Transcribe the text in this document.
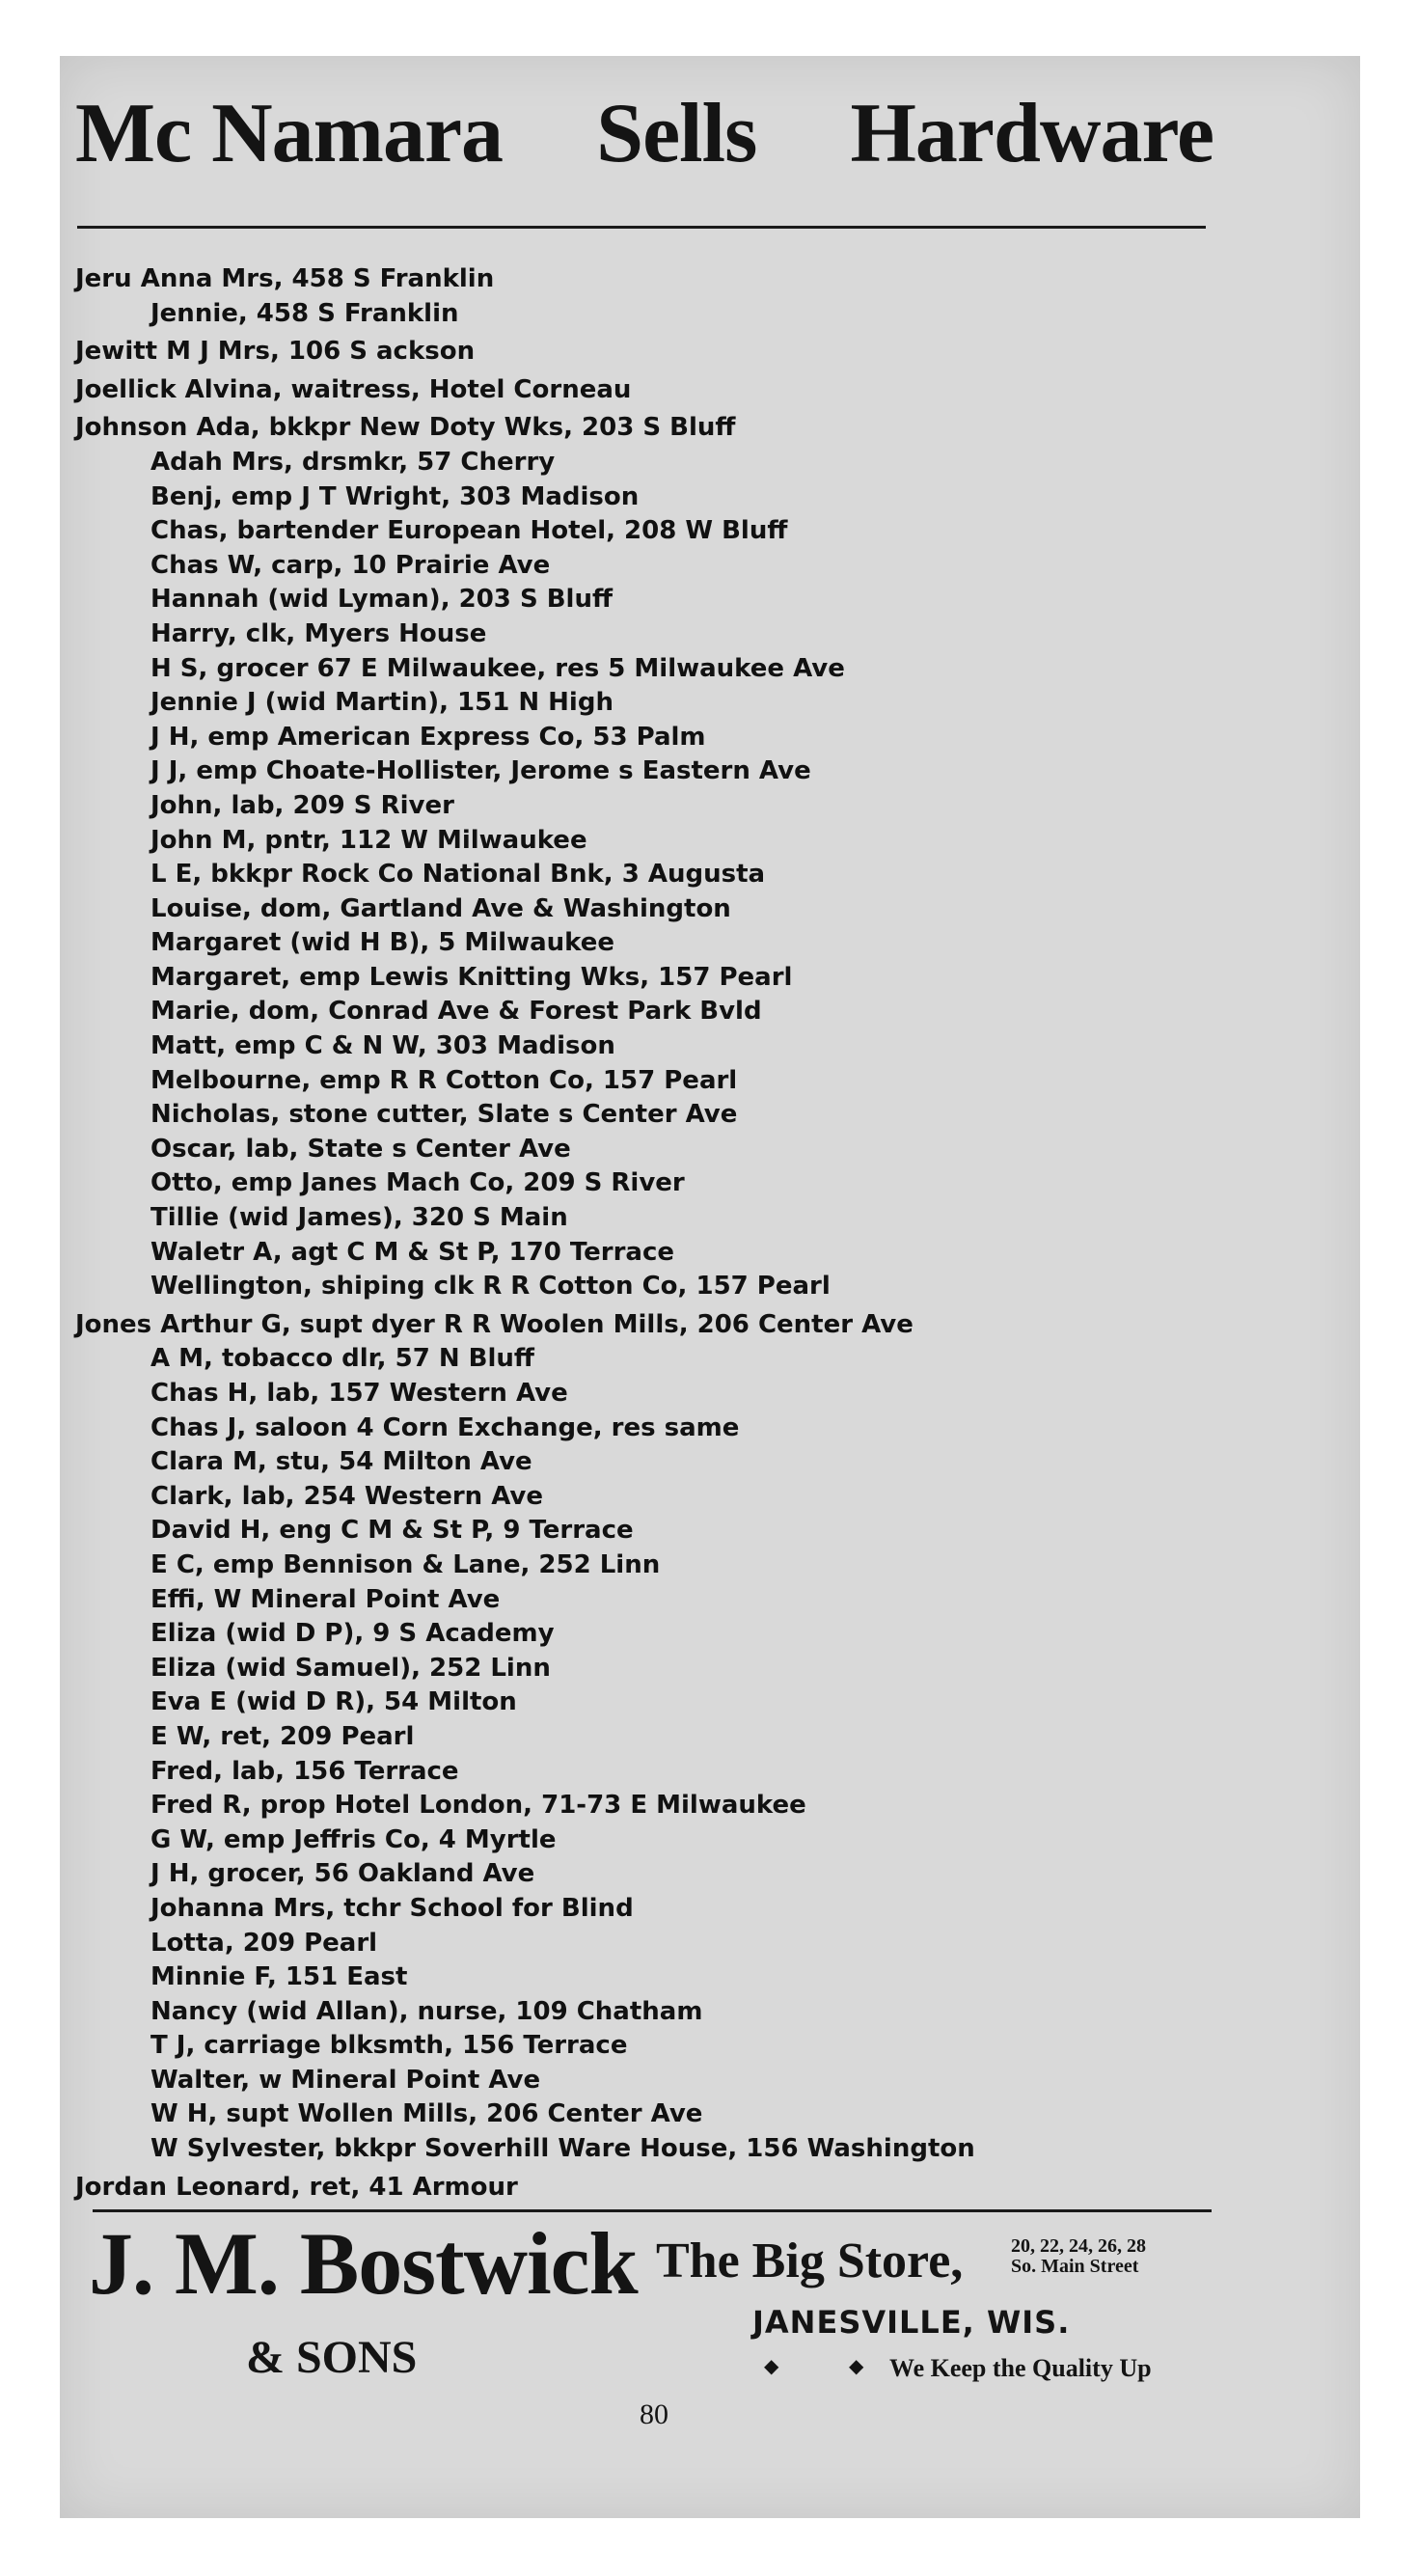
Mc Namara Sells Hardware
Jeru Anna Mrs, 458 S Franklin
Jennie, 458 S Franklin
Jewitt M J Mrs, 106 S ackson
Joellick Alvina, waitress, Hotel Corneau
Johnson Ada, bkkpr New Doty Wks, 203 S Bluff
Adah Mrs, drsmkr, 57 Cherry
Benj, emp J T Wright, 303 Madison
Chas, bartender European Hotel, 208 W Bluff
Chas W, carp, 10 Prairie Ave
Hannah (wid Lyman), 203 S Bluff
Harry, clk, Myers House
H S, grocer 67 E Milwaukee, res 5 Milwaukee Ave
Jennie J (wid Martin), 151 N High
J H, emp American Express Co, 53 Palm
J J, emp Choate-Hollister, Jerome s Eastern Ave
John, lab, 209 S River
John M, pntr, 112 W Milwaukee
L E, bkkpr Rock Co National Bnk, 3 Augusta
Louise, dom, Gartland Ave & Washington
Margaret (wid H B), 5 Milwaukee
Margaret, emp Lewis Knitting Wks, 157 Pearl
Marie, dom, Conrad Ave & Forest Park Bvld
Matt, emp C & N W, 303 Madison
Melbourne, emp R R Cotton Co, 157 Pearl
Nicholas, stone cutter, Slate s Center Ave
Oscar, lab, State s Center Ave
Otto, emp Janes Mach Co, 209 S River
Tillie (wid James), 320 S Main
Waletr A, agt C M & St P, 170 Terrace
Wellington, shiping clk R R Cotton Co, 157 Pearl
Jones Arthur G, supt dyer R R Woolen Mills, 206 Center Ave
A M, tobacco dlr, 57 N Bluff
Chas H, lab, 157 Western Ave
Chas J, saloon 4 Corn Exchange, res same
Clara M, stu, 54 Milton Ave
Clark, lab, 254 Western Ave
David H, eng C M & St P, 9 Terrace
E C, emp Bennison & Lane, 252 Linn
Effi, W Mineral Point Ave
Eliza (wid D P), 9 S Academy
Eliza (wid Samuel), 252 Linn
Eva E (wid D R), 54 Milton
E W, ret, 209 Pearl
Fred, lab, 156 Terrace
Fred R, prop Hotel London, 71-73 E Milwaukee
G W, emp Jeffris Co, 4 Myrtle
J H, grocer, 56 Oakland Ave
Johanna Mrs, tchr School for Blind
Lotta, 209 Pearl
Minnie F, 151 East
Nancy (wid Allan), nurse, 109 Chatham
T J, carriage blksmth, 156 Terrace
Walter, w Mineral Point Ave
W H, supt Wollen Mills, 206 Center Ave
W Sylvester, bkkpr Soverhill Ware House, 156 Washington
Jordan Leonard, ret, 41 Armour
J. M. Bostwick
& SONS
The Big Store, 20, 22, 24, 26, 28
So. Main Street
JANESVILLE, WIS.
◆	◆ We Keep the Quality Up
80
